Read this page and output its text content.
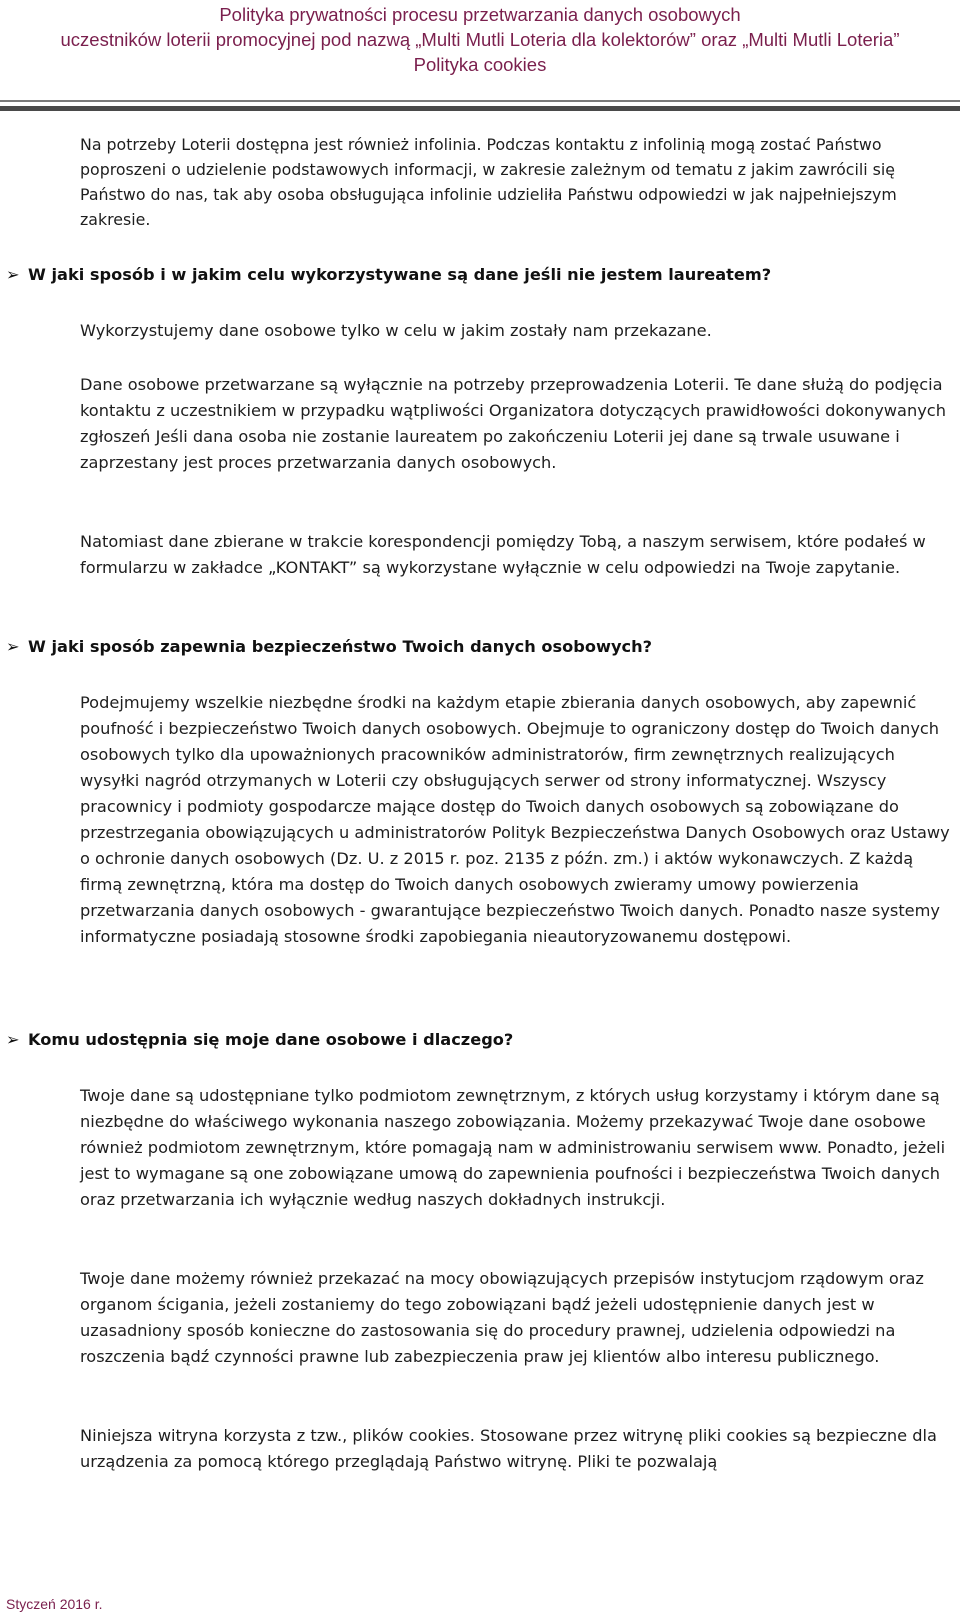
Polityka prywatności procesu przetwarzania danych osobowych
uczestników loterii promocyjnej pod nazwą „Multi Mutli Loteria dla kolektorów” oraz „Multi Mutli Loteria”
Polityka cookies

Na potrzeby Loterii dostępna jest również infolinia. Podczas kontaktu z infolinią mogą zostać Państwo poproszeni o udzielenie podstawowych informacji, w zakresie zależnym od tematu z jakim zawrócili się Państwo do nas, tak aby osoba obsługująca infolinie udzieliła Państwu odpowiedzi w jak najpełniejszym zakresie.

➢ W jaki sposób i w jakim celu wykorzystywane są dane jeśli nie jestem laureatem?

Wykorzystujemy dane osobowe tylko w celu w jakim zostały nam przekazane.

Dane osobowe przetwarzane są wyłącznie na potrzeby przeprowadzenia Loterii. Te dane służą do podjęcia kontaktu z uczestnikiem w przypadku wątpliwości Organizatora dotyczących prawidłowości dokonywanych zgłoszeń Jeśli dana osoba nie zostanie laureatem po zakończeniu Loterii jej dane są trwale usuwane i zaprzestany jest proces przetwarzania danych osobowych.

Natomiast dane zbierane w trakcie korespondencji pomiędzy Tobą, a naszym serwisem, które podałeś w formularzu w zakładce „KONTAKT” są wykorzystane wyłącznie w celu odpowiedzi na Twoje zapytanie.

➢ W jaki sposób zapewnia bezpieczeństwo Twoich danych osobowych?

Podejmujemy wszelkie niezbędne środki na każdym etapie zbierania danych osobowych, aby zapewnić poufność i bezpieczeństwo Twoich danych osobowych. Obejmuje to ograniczony dostęp do Twoich danych osobowych tylko dla upoważnionych pracowników administratorów, firm zewnętrznych realizujących wysyłki nagród otrzymanych w Loterii czy obsługujących serwer od strony informatycznej. Wszyscy pracownicy i podmioty gospodarcze mające dostęp do Twoich danych osobowych są zobowiązane do przestrzegania obowiązujących u administratorów Polityk Bezpieczeństwa Danych Osobowych oraz Ustawy o ochronie danych osobowych (Dz. U. z 2015 r. poz. 2135 z późn. zm.) i aktów wykonawczych. Z każdą firmą zewnętrzną, która ma dostęp do Twoich danych osobowych zwieramy umowy powierzenia przetwarzania danych osobowych - gwarantujące bezpieczeństwo Twoich danych. Ponadto nasze systemy informatyczne posiadają stosowne środki zapobiegania nieautoryzowanemu dostępowi.

➢ Komu udostępnia się moje dane osobowe i dlaczego?

Twoje dane są udostępniane tylko podmiotom zewnętrznym, z których usług korzystamy i którym dane są niezbędne do właściwego wykonania naszego zobowiązania. Możemy przekazywać Twoje dane osobowe również podmiotom zewnętrznym, które pomagają nam w administrowaniu serwisem www. Ponadto, jeżeli jest to wymagane są one zobowiązane umową do zapewnienia poufności i bezpieczeństwa Twoich danych oraz przetwarzania ich wyłącznie według naszych dokładnych instrukcji.

Twoje dane możemy również przekazać na mocy obowiązujących przepisów instytucjom rządowym oraz organom ścigania, jeżeli zostaniemy do tego zobowiązani bądź jeżeli udostępnienie danych jest w uzasadniony sposób konieczne do zastosowania się do procedury prawnej, udzielenia odpowiedzi na roszczenia bądź czynności prawne lub zabezpieczenia praw jej klientów albo interesu publicznego.

Niniejsza witryna korzysta z tzw., plików cookies. Stosowane przez witrynę pliki cookies są bezpieczne dla urządzenia za pomocą którego przeglądają Państwo witrynę. Pliki te pozwalają

Styczeń 2016 r.
